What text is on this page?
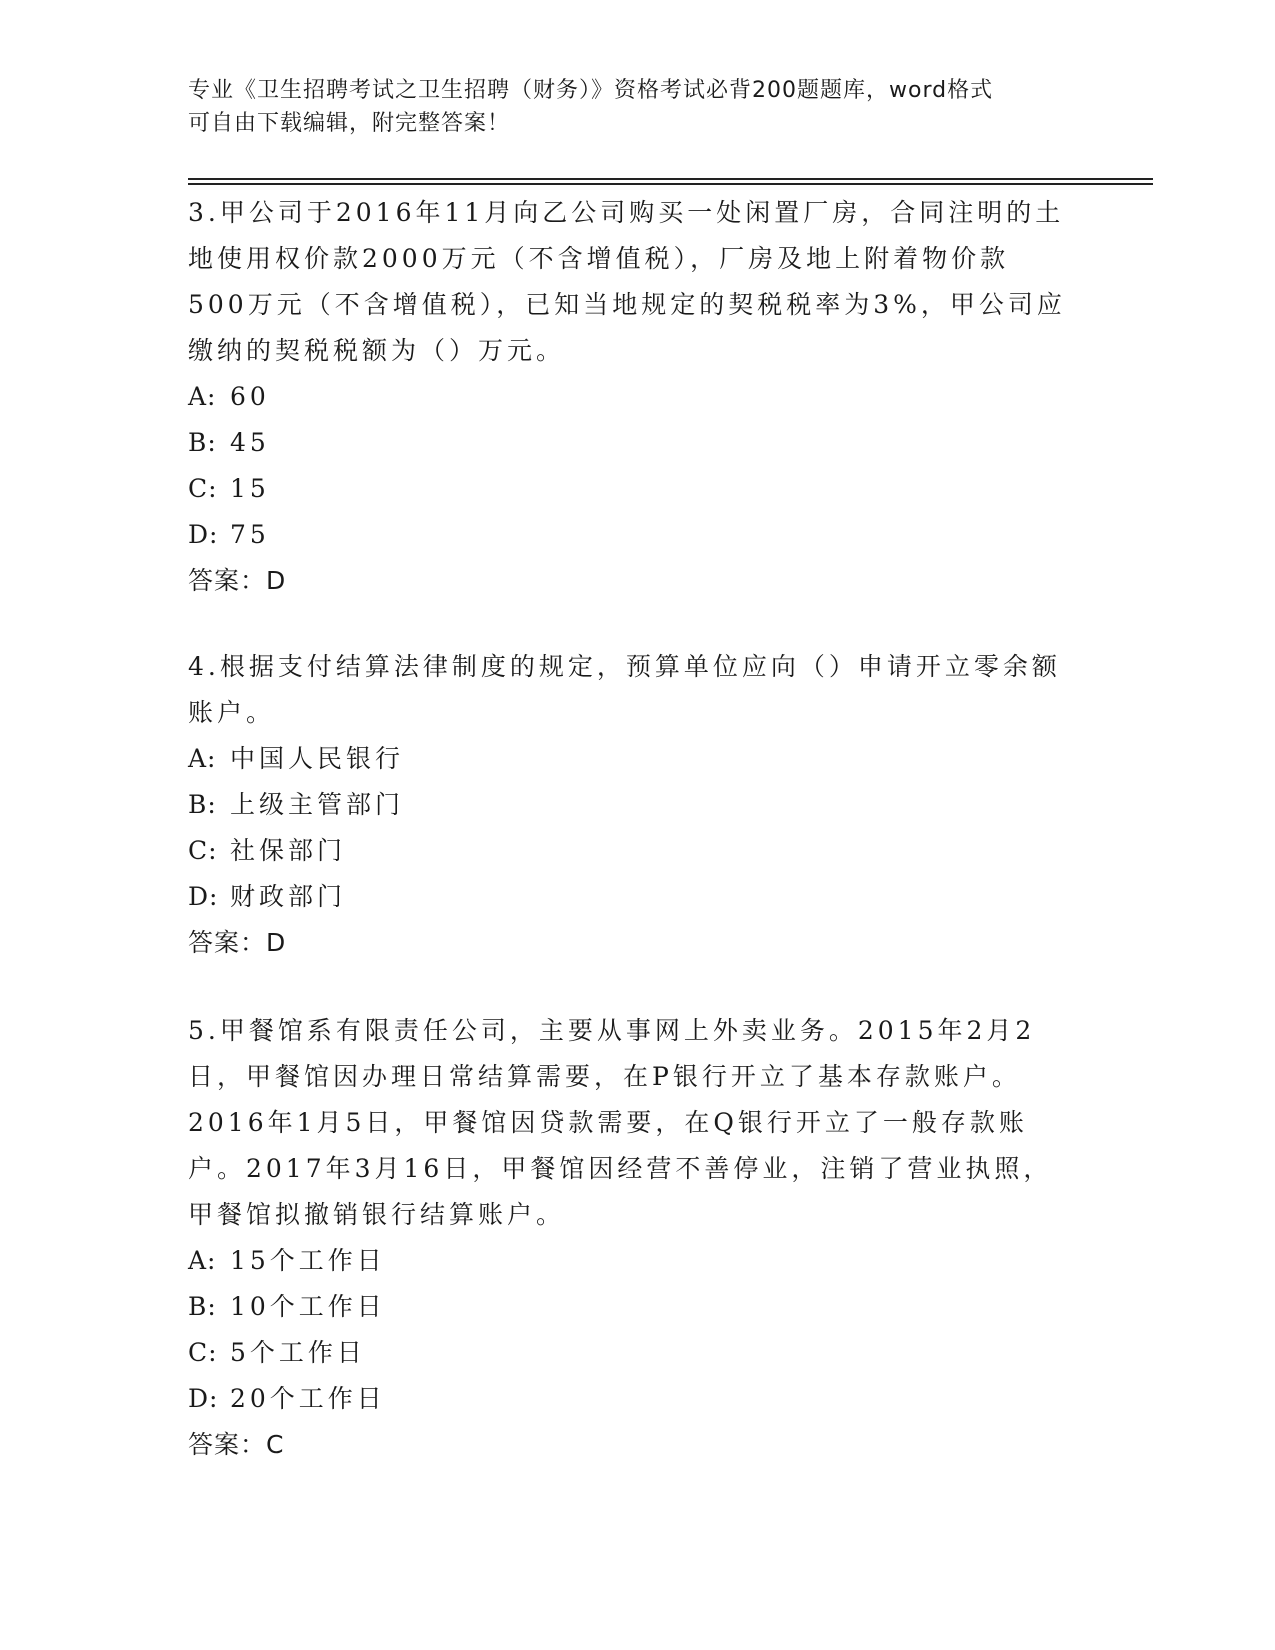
专业《卫生招聘考试之卫生招聘（财务）》资格考试必背200题题库，word格式
可自由下载编辑，附完整答案！

3.甲公司于2016年11月向乙公司购买一处闲置厂房，合同注明的土地使用权价款2000万元（不含增值税），厂房及地上附着物价款500万元（不含增值税），已知当地规定的契税税率为3%，甲公司应缴纳的契税税额为（）万元。

A: 60

B: 45

C: 15

D: 75

答案：D

4.根据支付结算法律制度的规定，预算单位应向（）申请开立零余额账户。

A: 中国人民银行

B: 上级主管部门

C: 社保部门

D: 财政部门

答案：D

5.甲餐馆系有限责任公司，主要从事网上外卖业务。2015年2月2日，甲餐馆因办理日常结算需要，在P银行开立了基本存款账户。2016年1月5日，甲餐馆因贷款需要，在Q银行开立了一般存款账户。2017年3月16日，甲餐馆因经营不善停业，注销了营业执照，甲餐馆拟撤销银行结算账户。

A: 15个工作日

B: 10个工作日

C: 5个工作日

D: 20个工作日

答案：C
